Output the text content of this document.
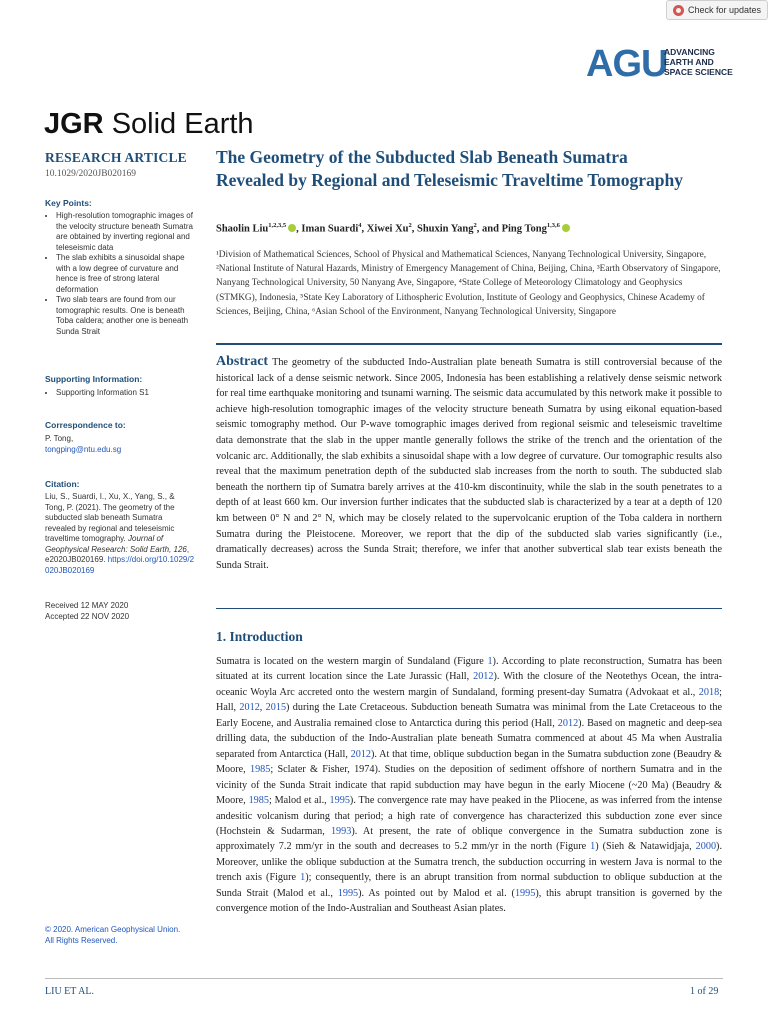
Check for updates
AGU
ADVANCING
EARTH AND
SPACE SCIENCE
JGR Solid Earth
RESEARCH ARTICLE
10.1029/2020JB020169
Key Points:
• High-resolution tomographic images of the velocity structure beneath Sumatra are obtained by inverting regional and teleseismic data
• The slab exhibits a sinusoidal shape with a low degree of curvature and hence is free of strong lateral deformation
• Two slab tears are found from our tomographic results. One is beneath Toba caldera; another one is beneath Sunda Strait
Supporting Information:
• Supporting Information S1
Correspondence to:
P. Tong,
tongping@ntu.edu.sg
Citation:
Liu, S., Suardi, I., Xu, X., Yang, S., & Tong, P. (2021). The geometry of the subducted slab beneath Sumatra revealed by regional and teleseismic traveltime tomography. Journal of Geophysical Research: Solid Earth, 126, e2020JB020169. https://doi.org/10.1029/2020JB020169
Received 12 MAY 2020
Accepted 22 NOV 2020
© 2020. American Geophysical Union.
All Rights Reserved.
The Geometry of the Subducted Slab Beneath Sumatra Revealed by Regional and Teleseismic Traveltime Tomography
Shaolin Liu$^{1,2,3,5}$ , Iman Suardi$^4$, Xiwei Xu$^2$, Shuxin Yang$^2$, and Ping Tong$^{1,3,6}$
¹Division of Mathematical Sciences, School of Physical and Mathematical Sciences, Nanyang Technological University, Singapore, ²National Institute of Natural Hazards, Ministry of Emergency Management of China, Beijing, China, ³Earth Observatory of Singapore, Nanyang Technological University, 50 Nanyang Ave, Singapore, ⁴State College of Meteorology Climatology and Geophysics (STMKG), Indonesia, ⁵State Key Laboratory of Lithospheric Evolution, Institute of Geology and Geophysics, Chinese Academy of Sciences, Beijing, China, ⁶Asian School of the Environment, Nanyang Technological University, Singapore
Abstract The geometry of the subducted Indo-Australian plate beneath Sumatra is still controversial because of the historical lack of a dense seismic network. Since 2005, Indonesia has been establishing a relatively dense seismic network for real time earthquake monitoring and tsunami warning. The seismic data accumulated by this network make it possible to achieve high-resolution tomographic images of the velocity structure beneath Sumatra by using eikonal equation-based seismic tomography method. Our P-wave tomographic images derived from regional seismic and teleseismic traveltime data demonstrate that the slab in the upper mantle generally follows the strike of the trench and the orientation of the volcanic arc. Additionally, the slab exhibits a sinusoidal shape with a low degree of curvature. Our tomographic results also reveal that the maximum penetration depth of the subducted slab increases from the north to south. The subducted slab beneath the northern tip of Sumatra barely arrives at the 410-km discontinuity, while the slab in the south penetrates to a depth of at least 660 km. Our inversion further indicates that the subducted slab is characterized by a tear at a depth of 120 km between 0° N and 2° N, which may be closely related to the supervolcanic eruption of the Toba caldera in northern Sumatra during the Pleistocene. Moreover, we report that the dip of the subducted slab varies significantly (i.e., dramatically decreases) across the Sunda Strait; therefore, we infer that another subvertical slab tear exists beneath the Sunda Strait.
1. Introduction
Sumatra is located on the western margin of Sundaland (Figure 1). According to plate reconstruction, Sumatra has been situated at its current location since the Late Jurassic (Hall, 2012). With the closure of the Neotethys Ocean, the intra-oceanic Woyla Arc accreted onto the western margin of Sundaland, forming present-day Sumatra (Advokaat et al., 2018; Hall, 2012, 2015) during the Late Cretaceous. Subduction beneath Sumatra was minimal from the Late Cretaceous to the Early Eocene, and Australia remained close to Antarctica during this period (Hall, 2012). Based on magnetic and deep-sea drilling data, the subduction of the Indo-Australian plate beneath Sumatra commenced at about 45 Ma when Australia separated from Antarctica (Hall, 2012). At that time, oblique subduction began in the Sumatra subduction zone (Beaudry & Moore, 1985; Sclater & Fisher, 1974). Studies on the deposition of sediment offshore of northern Sumatra and in the vicinity of the Sunda Strait indicate that rapid subduction may have begun in the early Miocene (~20 Ma) (Beaudry & Moore, 1985; Malod et al., 1995). The convergence rate may have peaked in the Pliocene, as was inferred from the intense andesitic volcanism during that period; a high rate of convergence has characterized this subduction zone ever since (Hochstein & Sudarman, 1993). At present, the rate of oblique convergence in the Sumatra subduction zone is approximately 7.2 mm/yr in the south and decreases to 5.2 mm/yr in the north (Figure 1) (Sieh & Natawidjaja, 2000). Moreover, unlike the oblique subduction at the Sumatra trench, the subduction occurring in western Java is normal to the trench axis (Figure 1); consequently, there is an abrupt transition from normal subduction to oblique subduction at the Sunda Strait (Malod et al., 1995). As pointed out by Malod et al. (1995), this abrupt transition is governed by the convergence motion of the Indo-Australian and Southeast Asian plates.
LIU ET AL.	1 of 29
